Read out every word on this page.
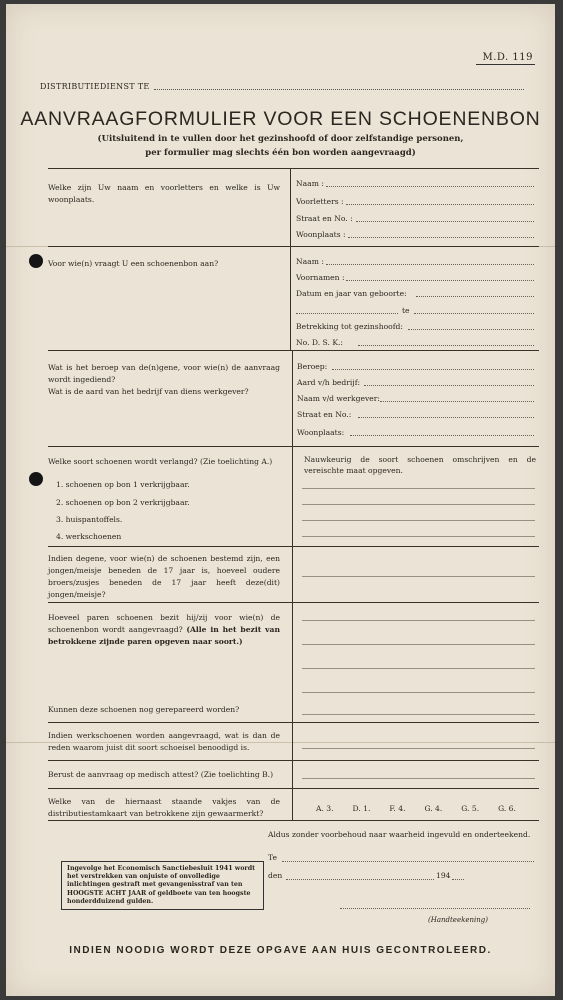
M.D. 119
DISTRIBUTIEDIENST TE
AANVRAAGFORMULIER VOOR EEN SCHOENENBON
(Uitsluitend in te vullen door het gezinshoofd of door zelfstandige personen,
per formulier mag slechts één bon worden aangevraagd)
Welke zijn Uw naam en voorletters en welke is Uw woonplaats.
Naam :
Voorletters :
Straat en No. :
Woonplaats :
Voor wie(n) vraagt U een schoenenbon aan?	Naam :
Voornamen :
Datum en jaar van geboorte:
te
Betrekking tot gezinshoofd:
No. D. S. K.:
Wat is het beroep van de(n)gene, voor wie(n) de aanvraag wordt ingediend?
Wat is de aard van het bedrijf van diens werkgever?
Beroep:
Aard v/h bedrijf:
Naam v/d werkgever:
Straat en No.:
Woonplaats:
Welke soort schoenen wordt verlangd? (Zie toelichting A.)
1. schoenen op bon 1 verkrijgbaar.
2. schoenen op bon 2 verkrijgbaar.
3. huispantoffels.
4. werkschoenen
Nauwkeurig de soort schoenen omschrijven en de vereischte maat opgeven.
Indien degene, voor wie(n) de schoenen bestemd zijn, een jongen/meisje beneden de 17 jaar is, hoeveel oudere broers/zusjes beneden de 17 jaar heeft deze(dit) jongen/meisje?
Hoeveel paren schoenen bezit hij/zij voor wie(n) de schoenenbon wordt aangevraagd? (Alle in het bezit van betrokkene zijnde paren opgeven naar soort.)
Kunnen deze schoenen nog gerepareerd worden?
Indien werkschoenen worden aangevraagd, wat is dan de reden waarom juist dit soort schoeisel benoodigd is.
Berust de aanvraag op medisch attest? (Zie toelichting B.)
Welke van de hiernaast staande vakjes van de distributiestamkaart van betrokkene zijn gewaarmerkt?
A. 3. D. 1. F. 4. G. 4. G. 5. G. 6.
Aldus zonder voorbehoud naar waarheid ingevuld en onderteekend.
Te
den	194
Ingevolge het Economisch Sanctiebesluit 1941 wordt het verstrekken van onjuiste of onvolledige inlichtingen gestraft met gevangenisstraf van ten HOOGSTE ACHT JAAR of geldboete van ten hoogste honderdduizend gulden.
(Handteekening)
INDIEN NOODIG WORDT DEZE OPGAVE AAN HUIS GECONTROLEERD.
